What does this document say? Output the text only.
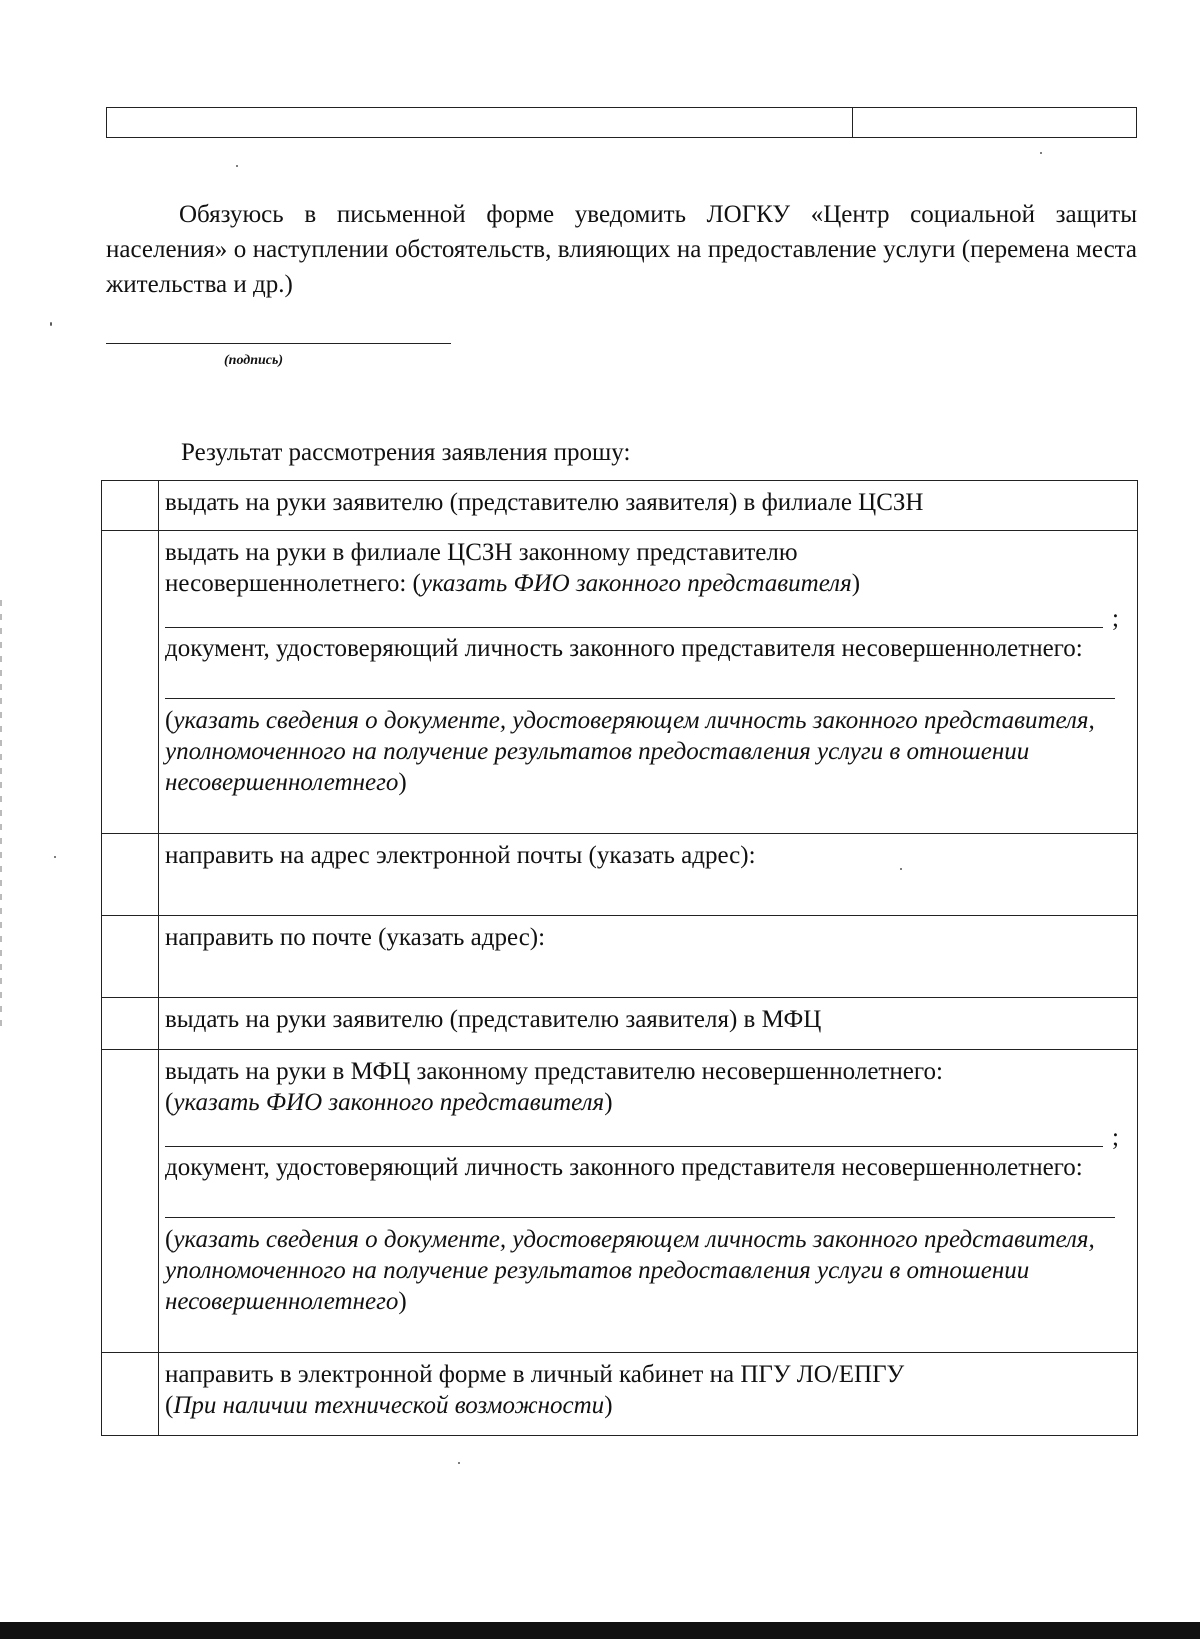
Обязуюсь в письменной форме уведомить ЛОГКУ «Центр социальной защиты населения» о наступлении обстоятельств, влияющих на предоставление услуги (перемена места жительства и др.)

(подпись)
Результат рассмотрения заявления прошу:
	выдать на руки заявителю (представителю заявителя) в филиале ЦСЗН

	выдать на руки в филиале ЦСЗН законному представителю
несовершеннолетнего: (указать ФИО законного представителя)
;
документ, удостоверяющий личность законного представителя несовершеннолетнего:
(указать сведения о документе, удостоверяющем личность законного представителя, уполномоченного на получение результатов предоставления услуги в отношении несовершеннолетнего)

	направить на адрес электронной почты (указать адрес):

	направить по почте (указать адрес):

	выдать на руки заявителю (представителю заявителя) в МФЦ

	выдать на руки в МФЦ законному представителю несовершеннолетнего:
(указать ФИО законного представителя)
;
документ, удостоверяющий личность законного представителя несовершеннолетнего:
(указать сведения о документе, удостоверяющем личность законного представителя, уполномоченного на получение результатов предоставления услуги в отношении несовершеннолетнего)

	направить в электронной форме в личный кабинет на ПГУ ЛО/ЕПГУ
(При наличии технической возможности)
